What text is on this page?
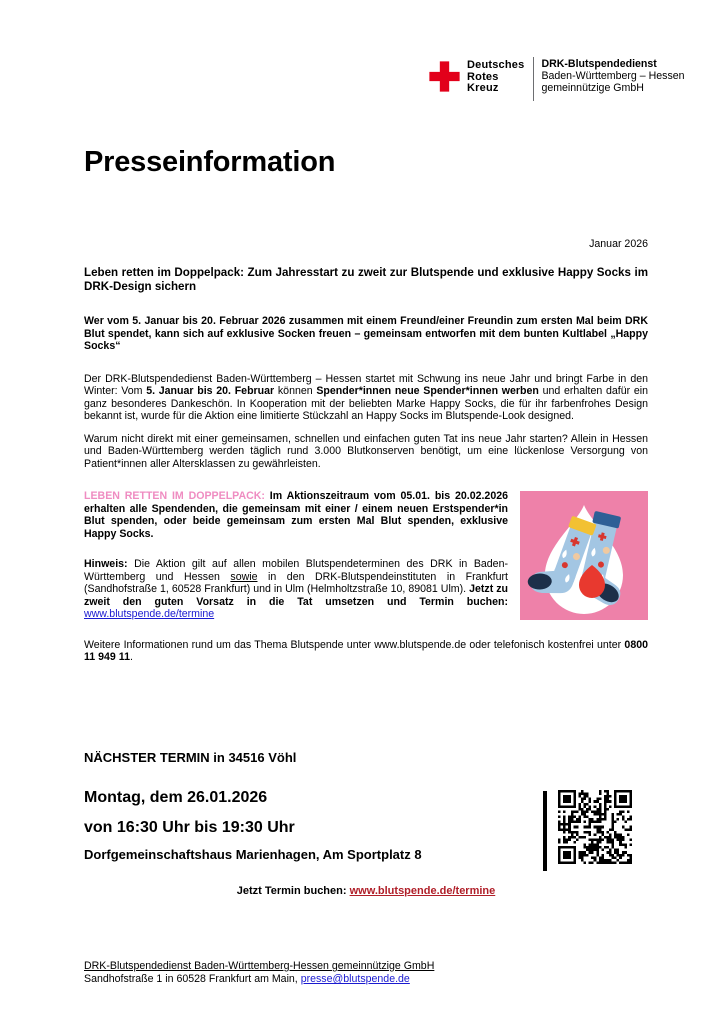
Deutsches
Rotes
Kreuz
DRK-Blutspendedienst
Baden-Württemberg – Hessen
gemeinnützige GmbH
Presseinformation
Januar 2026

Leben retten im Doppelpack: Zum Jahresstart zu zweit zur Blutspende und exklusive Happy Socks im DRK-Design sichern

Wer vom 5. Januar bis 20. Februar 2026 zusammen mit einem Freund/einer Freundin zum ersten Mal beim DRK Blut spendet, kann sich auf exklusive Socken freuen – gemeinsam entworfen mit dem bunten Kultlabel „Happy Socks“

Der DRK-Blutspendedienst Baden-Württemberg – Hessen startet mit Schwung ins neue Jahr und bringt Farbe in den Winter: Vom 5. Januar bis 20. Februar können Spender*innen neue Spender*innen werben und erhalten dafür ein ganz besonderes Dankeschön. In Kooperation mit der beliebten Marke Happy Socks, die für ihr farbenfrohes Design bekannt ist, wurde für die Aktion eine limitierte Stückzahl an Happy Socks im Blutspende-Look designed.

Warum nicht direkt mit einer gemeinsamen, schnellen und einfachen guten Tat ins neue Jahr starten? Allein in Hessen und Baden-Württemberg werden täglich rund 3.000 Blutkonserven benötigt, um eine lückenlose Versorgung von Patient*innen aller Altersklassen zu gewährleisten.

LEBEN RETTEN IM DOPPELPACK: Im Aktionszeitraum vom 05.01. bis 20.02.2026 erhalten alle Spendenden, die gemeinsam mit einer / einem neuen Erstspender*in Blut spenden, oder beide gemeinsam zum ersten Mal Blut spenden, exklusive Happy Socks.

Hinweis: Die Aktion gilt auf allen mobilen Blutspendeterminen des DRK in Baden-Württemberg und Hessen sowie in den DRK-Blutspendeinstituten in Frankfurt (Sandhofstraße 1, 60528 Frankfurt) und in Ulm (Helmholtzstraße 10, 89081 Ulm). Jetzt zu zweit den guten Vorsatz in die Tat umsetzen und Termin buchen: www.blutspende.de/termine

Weitere Informationen rund um das Thema Blutspende unter www.blutspende.de oder telefonisch kostenfrei unter 0800 11 949 11.

NÄCHSTER TERMIN in 34516 Vöhl
Montag, dem 26.01.2026
von 16:30 Uhr bis 19:30 Uhr
Dorfgemeinschaftshaus Marienhagen, Am Sportplatz 8
Jetzt Termin buchen: www.blutspende.de/termine
DRK-Blutspendedienst Baden-Württemberg-Hessen gemeinnützige GmbH
Sandhofstraße 1 in 60528 Frankfurt am Main, presse@blutspende.de
